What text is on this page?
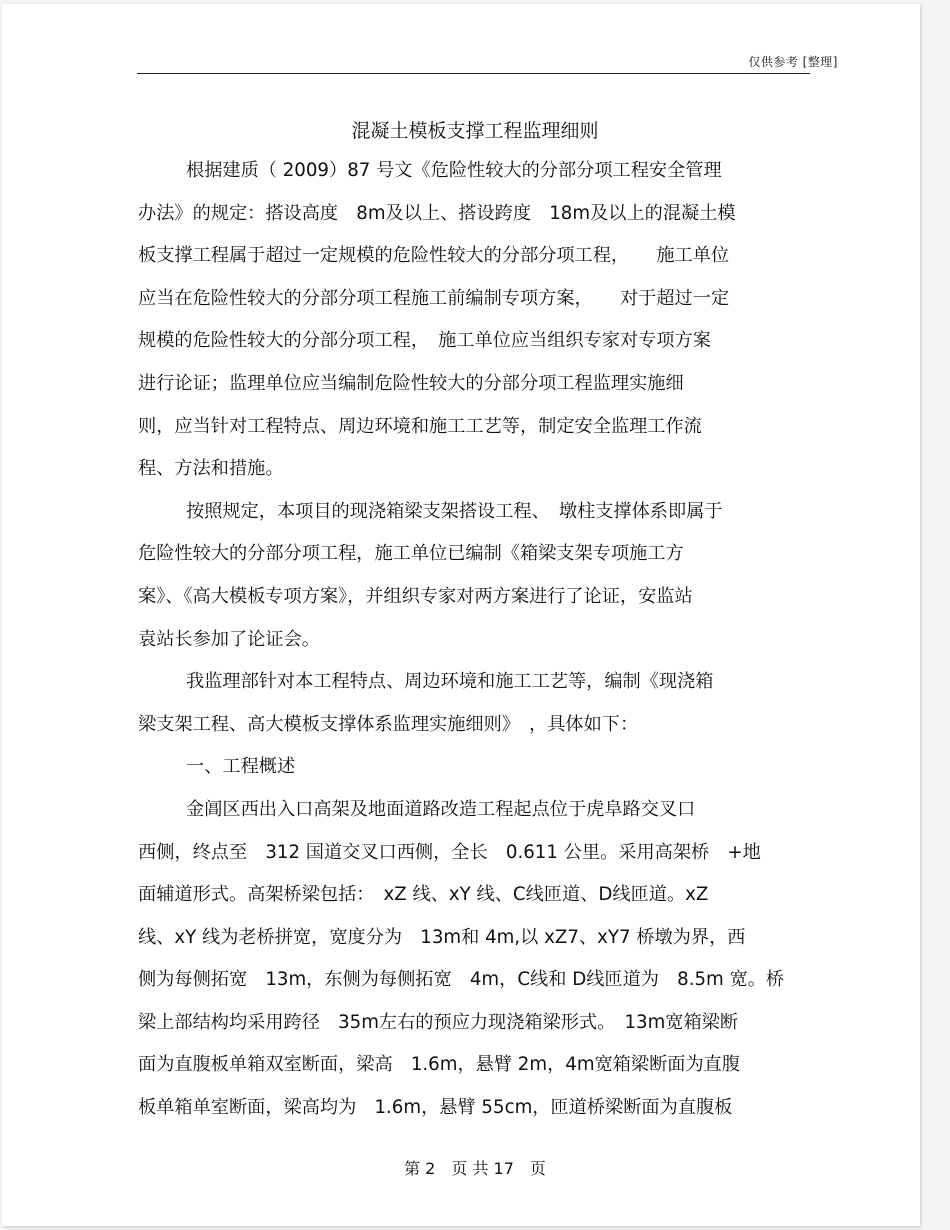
仅供参考 [整理]
混凝土模板支撑工程监理细则
根据建质（ 2009）87 号文《危险性较大的分部分项工程安全管理
办法》的规定：搭设高度　8m及以上、搭设跨度　18m及以上的混凝土模
板支撑工程属于超过一定规模的危险性较大的分部分项工程，　　施工单位
应当在危险性较大的分部分项工程施工前编制专项方案，　　对于超过一定
规模的危险性较大的分部分项工程，　施工单位应当组织专家对专项方案
进行论证；监理单位应当编制危险性较大的分部分项工程监理实施细
则，应当针对工程特点、周边环境和施工工艺等，制定安全监理工作流
程、方法和措施。
按照规定，本项目的现浇箱梁支架搭设工程、　墩柱支撑体系即属于
危险性较大的分部分项工程，施工单位已编制《箱梁支架专项施工方
案》、《高大模板专项方案》，并组织专家对两方案进行了论证，安监站
袁站长参加了论证会。
我监理部针对本工程特点、周边环境和施工工艺等，编制《现浇箱
梁支架工程、高大模板支撑体系监理实施细则》　，具体如下：
一、工程概述
金阊区西出入口高架及地面道路改造工程起点位于虎阜路交叉口
西侧，终点至　312 国道交叉口西侧，全长　0.611 公里。采用高架桥　+地
面辅道形式。高架桥梁包括：　xZ 线、xY 线、C线匝道、D线匝道。xZ
线、xY 线为老桥拼宽，宽度分为　13m和 4m,以 xZ7、xY7 桥墩为界，西
侧为每侧拓宽　13m，东侧为每侧拓宽　4m，C线和 D线匝道为　8.5m 宽。桥
梁上部结构均采用跨径　35m左右的预应力现浇箱梁形式。　13m宽箱梁断
面为直腹板单箱双室断面，梁高　1.6m，悬臂 2m，4m宽箱梁断面为直腹
板单箱单室断面，梁高均为　1.6m，悬臂 55cm，匝道桥梁断面为直腹板
第 2　页 共 17　页
